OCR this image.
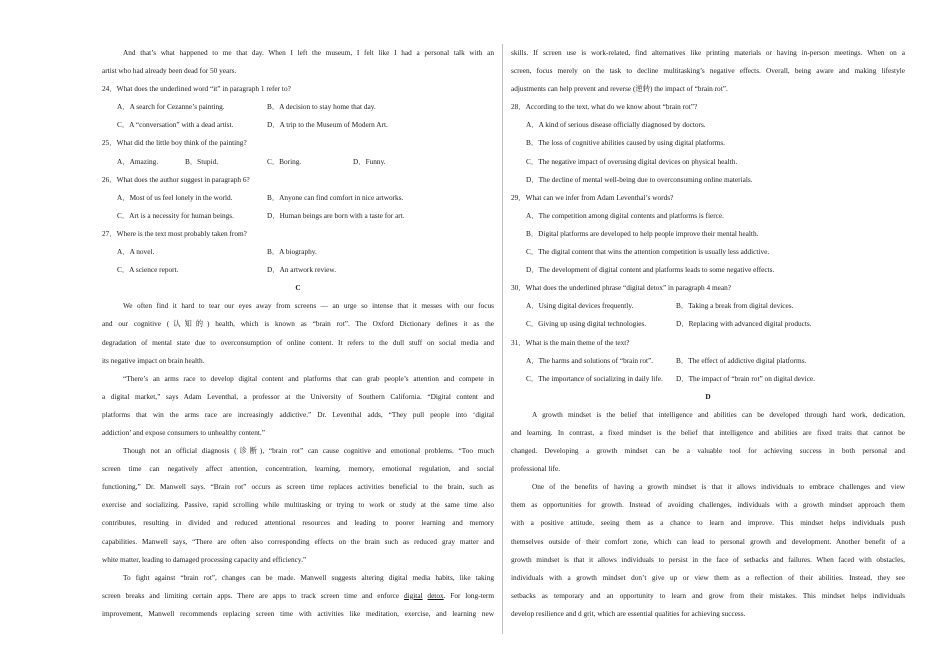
And that’s what happened to me that day. When I left the museum, I felt like I had a personal talk with an
artist who had already been dead for 50 years.
24．What does the underlined word “it” in paragraph 1 refer to?
A．A search for Cezanne’s painting.	B．A decision to stay home that day.
C．A “conversation” with a dead artist.	D．A trip to the Museum of Modern Art.
25．What did the little boy think of the painting?
A．Amazing.	B．Stupid.	C．Boring.	D．Funny.
26．What does the author suggest in paragraph 6?
A．Most of us feel lonely in the world.	B．Anyone can find comfort in nice artworks.
C．Art is a necessity for human beings.	D．Human beings are born with a taste for art.
27．Where is the text most probably taken from?
A．A novel.	B．A biography.
C．A science report.	D．An artwork review.
C
We often find it hard to tear our eyes away from screens — an urge so intense that it messes with our focus
and our cognitive (认知的) health, which is known as “brain rot”. The Oxford Dictionary defines it as the
degradation of mental state due to overconsumption of online content. It refers to the dull stuff on social media and
its negative impact on brain health.
“There’s an arms race to develop digital content and platforms that can grab people’s attention and compete in
a digital market,” says Adam Leventhal, a professor at the University of Southern California. “Digital content and
platforms that win the arms race are increasingly addictive.” Dr. Leventhal adds, “They pull people into ‘digital
addiction’ and expose consumers to unhealthy content.”
Though not an official diagnosis (诊断), “brain rot” can cause cognitive and emotional problems. “Too much
screen time can negatively affect attention, concentration, learning, memory, emotional regulation, and social
functioning,” Dr. Manwell says. “Brain rot” occurs as screen time replaces activities beneficial to the brain, such as
exercise and socializing. Passive, rapid scrolling while multitasking or trying to work or study at the same time also
contributes, resulting in divided and reduced attentional resources and leading to poorer learning and memory
capabilities. Manwell says, “There are often also corresponding effects on the brain such as reduced gray matter and
white matter, leading to damaged processing capacity and efficiency.”
To fight against “brain rot”, changes can be made. Manwell suggests altering digital media habits, like taking
screen breaks and limiting certain apps. There are apps to track screen time and enforce digital detox. For long-term
improvement, Manwell recommends replacing screen time with activities like meditation, exercise, and learning new
skills. If screen use is work-related, find alternatives like printing materials or having in-person meetings. When on a
screen, focus merely on the task to decline multitasking’s negative effects. Overall, being aware and making lifestyle
adjustments can help prevent and reverse (逆转) the impact of “brain rot”.
28．According to the text, what do we know about “brain rot”?
A．A kind of serious disease officially diagnosed by doctors.
B．The loss of cognitive abilities caused by using digital platforms.
C．The negative impact of overusing digital devices on physical health.
D．The decline of mental well-being due to overconsuming online materials.
29．What can we infer from Adam Leventhal’s words?
A．The competition among digital contents and platforms is fierce.
B．Digital platforms are developed to help people improve their mental health.
C．The digital content that wins the attention competition is usually less addictive.
D．The development of digital content and platforms leads to some negative effects.
30．What does the underlined phrase “digital detox” in paragraph 4 mean?
A．Using digital devices frequently.	B．Taking a break from digital devices.
C．Giving up using digital technologies.	D．Replacing with advanced digital products.
31．What is the main theme of the text?
A．The harms and solutions of “brain rot”.	B．The effect of addictive digital platforms.
C．The importance of socializing in daily life. D．The impact of “brain rot” on digital device.
D
A growth mindset is the belief that intelligence and abilities can be developed through hard work, dedication,
and learning. In contrast, a fixed mindset is the belief that intelligence and abilities are fixed traits that cannot be
changed. Developing a growth mindset can be a valuable tool for achieving success in both personal and
professional life.
One of the benefits of having a growth mindset is that it allows individuals to embrace challenges and view
them as opportunities for growth. Instead of avoiding challenges, individuals with a growth mindset approach them
with a positive attitude, seeing them as a chance to learn and improve. This mindset helps individuals push
themselves outside of their comfort zone, which can lead to personal growth and development. Another benefit of a
growth mindset is that it allows individuals to persist in the face of setbacks and failures. When faced with obstacles,
individuals with a growth mindset don’t give up or view them as a reflection of their abilities. Instead, they see
setbacks as temporary and an opportunity to learn and grow from their mistakes. This mindset helps individuals
develop resilience and d grit, which are essential qualities for achieving success.
